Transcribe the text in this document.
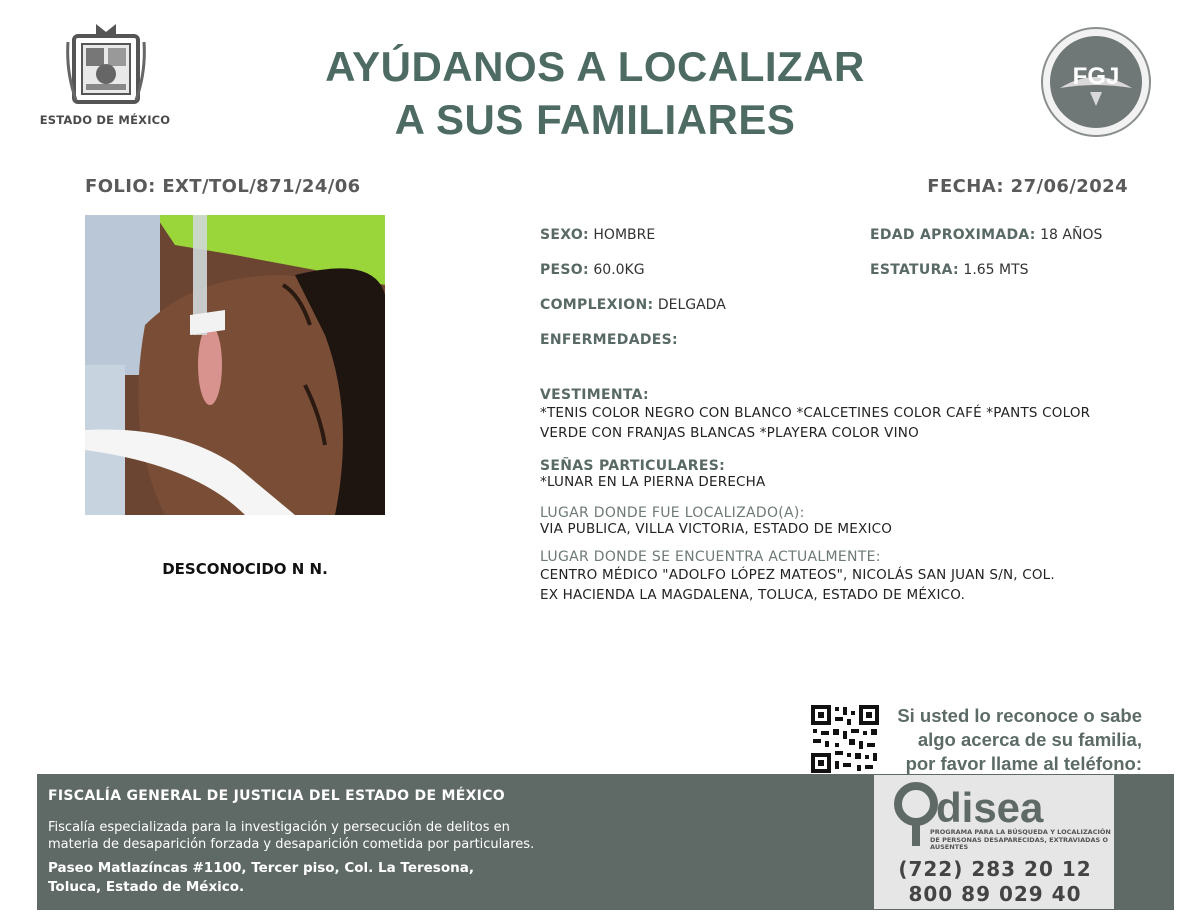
ESTADO DE MÉXICO
AYÚDANOS A LOCALIZAR
A SUS FAMILIARES
FGJ
FOLIO: EXT/TOL/871/24/06	FECHA: 27/06/2024
DESCONOCIDO N N.
SEXO: HOMBRE	EDAD APROXIMADA: 18 AÑOS
PESO: 60.0KG	ESTATURA: 1.65 MTS
COMPLEXION: DELGADA
ENFERMEDADES:
VESTIMENTA:
*TENIS COLOR NEGRO CON BLANCO *CALCETINES COLOR CAFÉ *PANTS COLOR
VERDE CON FRANJAS BLANCAS *PLAYERA COLOR VINO
SEÑAS PARTICULARES:
*LUNAR EN LA PIERNA DERECHA
LUGAR DONDE FUE LOCALIZADO(A):
VIA PUBLICA, VILLA VICTORIA, ESTADO DE MEXICO
LUGAR DONDE SE ENCUENTRA ACTUALMENTE:
CENTRO MÉDICO "ADOLFO LÓPEZ MATEOS", NICOLÁS SAN JUAN S/N, COL.
EX HACIENDA LA MAGDALENA, TOLUCA, ESTADO DE MÉXICO.
Si usted lo reconoce o sabe
algo acerca de su familia,
por favor llame al teléfono:
FISCALÍA GENERAL DE JUSTICIA DEL ESTADO DE MÉXICO
Fiscalía especializada para la investigación y persecución de delitos en
materia de desaparición forzada y desaparición cometida por particulares.
Paseo Matlazíncas #1100, Tercer piso, Col. La Teresona,
Toluca, Estado de México.
disea
PROGRAMA PARA LA BÚSQUEDA Y LOCALIZACIÓN
DE PERSONAS DESAPARECIDAS, EXTRAVIADAS O
AUSENTES
(722) 283 20 12
800 89 029 40
